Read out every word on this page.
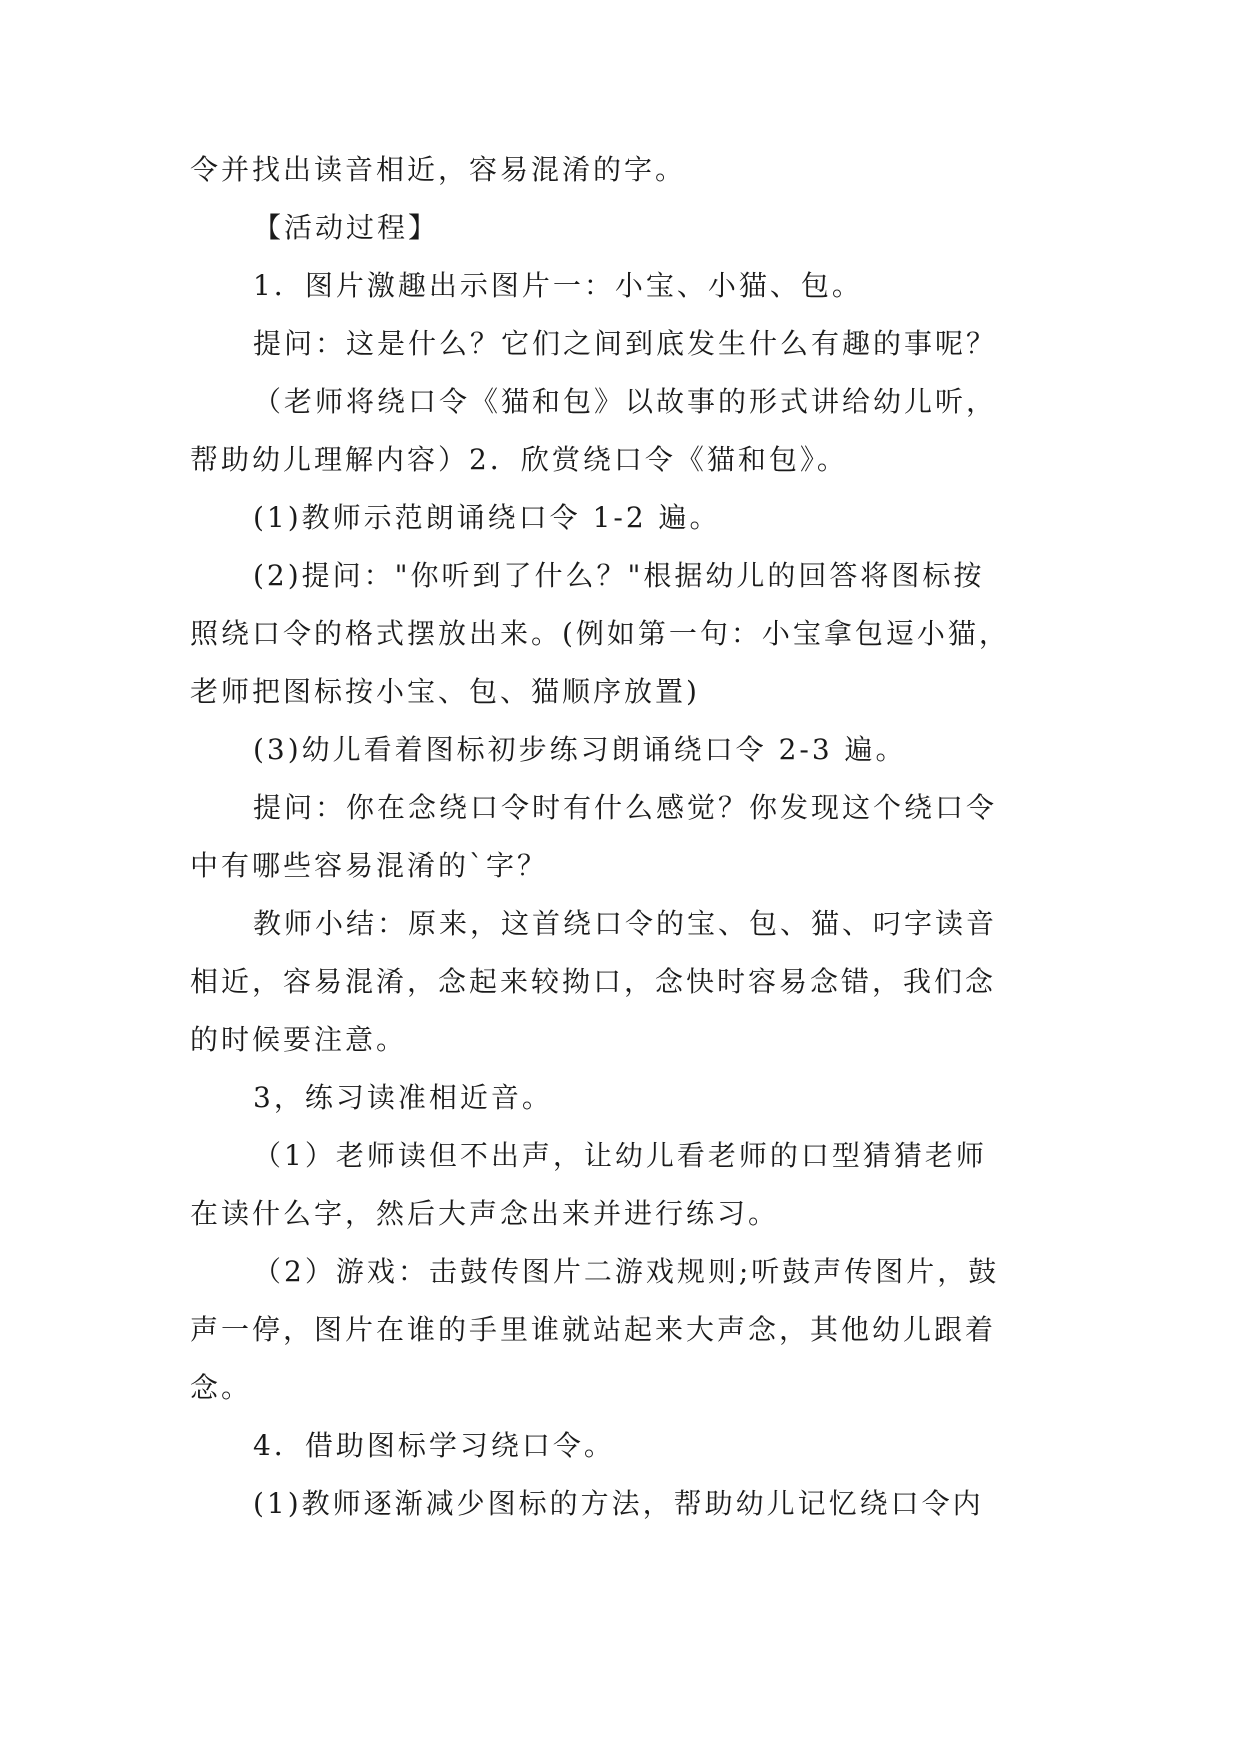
令并找出读音相近，容易混淆的字。
【活动过程】
1．图片激趣出示图片一：小宝、小猫、包。
提问：这是什么？它们之间到底发生什么有趣的事呢？
（老师将绕口令《猫和包》以故事的形式讲给幼儿听，
帮助幼儿理解内容）2．欣赏绕口令《猫和包》。
(1)教师示范朗诵绕口令 1-2 遍。
(2)提问："你听到了什么？"根据幼儿的回答将图标按
照绕口令的格式摆放出来。(例如第一句：小宝拿包逗小猫，
老师把图标按小宝、包、猫顺序放置)
(3)幼儿看着图标初步练习朗诵绕口令 2-3 遍。
提问：你在念绕口令时有什么感觉？你发现这个绕口令
中有哪些容易混淆的`字？
教师小结：原来，这首绕口令的宝、包、猫、叼字读音
相近，容易混淆，念起来较拗口，念快时容易念错，我们念
的时候要注意。
3，练习读准相近音。
（1）老师读但不出声，让幼儿看老师的口型猜猜老师
在读什么字，然后大声念出来并进行练习。
（2）游戏：击鼓传图片二游戏规则;听鼓声传图片，鼓
声一停，图片在谁的手里谁就站起来大声念，其他幼儿跟着
念。
4．借助图标学习绕口令。
(1)教师逐渐减少图标的方法，帮助幼儿记忆绕口令内
